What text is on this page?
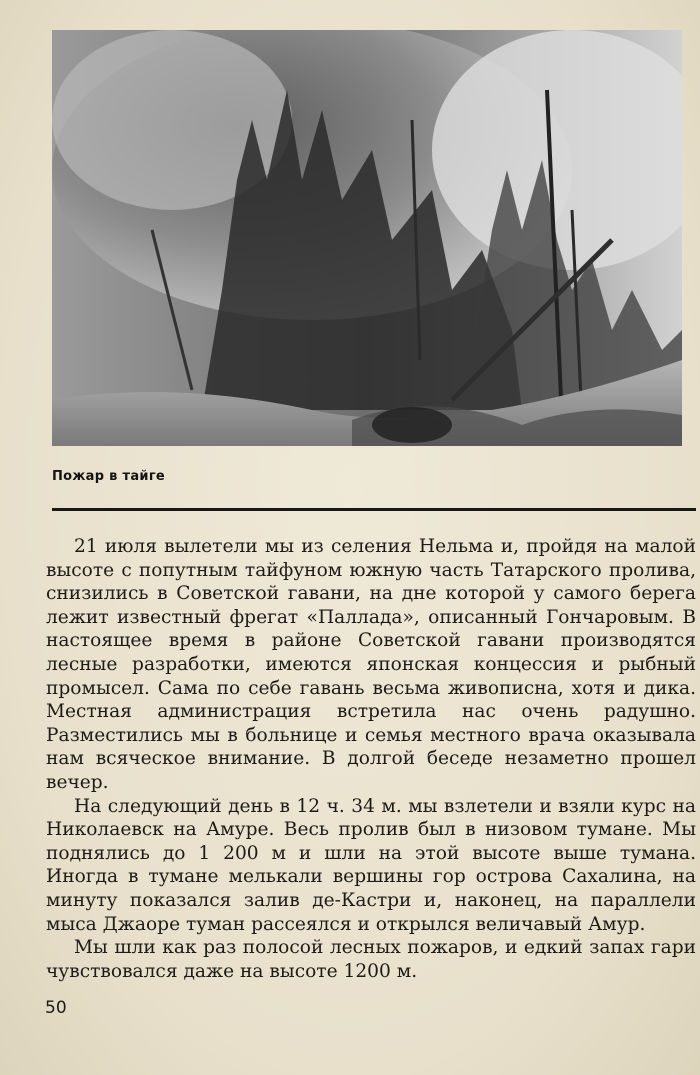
Пожар в тайге

21 июля вылетели мы из селения Нельма и, пройдя на малой высоте с попутным тайфуном южную часть Татарского пролива, снизились в Советской гавани, на дне которой у самого берега лежит известный фрегат «Паллада», описанный Гончаровым. В настоящее время в районе Советской гавани производятся лесные разработки, имеются японская концессия и рыбный промысел. Сама по себе гавань весьма живописна, хотя и дика. Местная администрация встретила нас очень радушно. Разместились мы в больнице и семья местного врача оказывала нам всяческое внимание. В долгой беседе незаметно прошел вечер.

На следующий день в 12 ч. 34 м. мы взлетели и взяли курс на Николаевск на Амуре. Весь пролив был в низовом тумане. Мы поднялись до 1 200 м и шли на этой высоте выше тумана. Иногда в тумане мелькали вершины гор острова Сахалина, на минуту показался залив де-Кастри и, наконец, на параллели мыса Джаоре туман рассеялся и открылся величавый Амур.

Мы шли как раз полосой лесных пожаров, и едкий запах гари чувствовался даже на высоте 1200 м.

50
